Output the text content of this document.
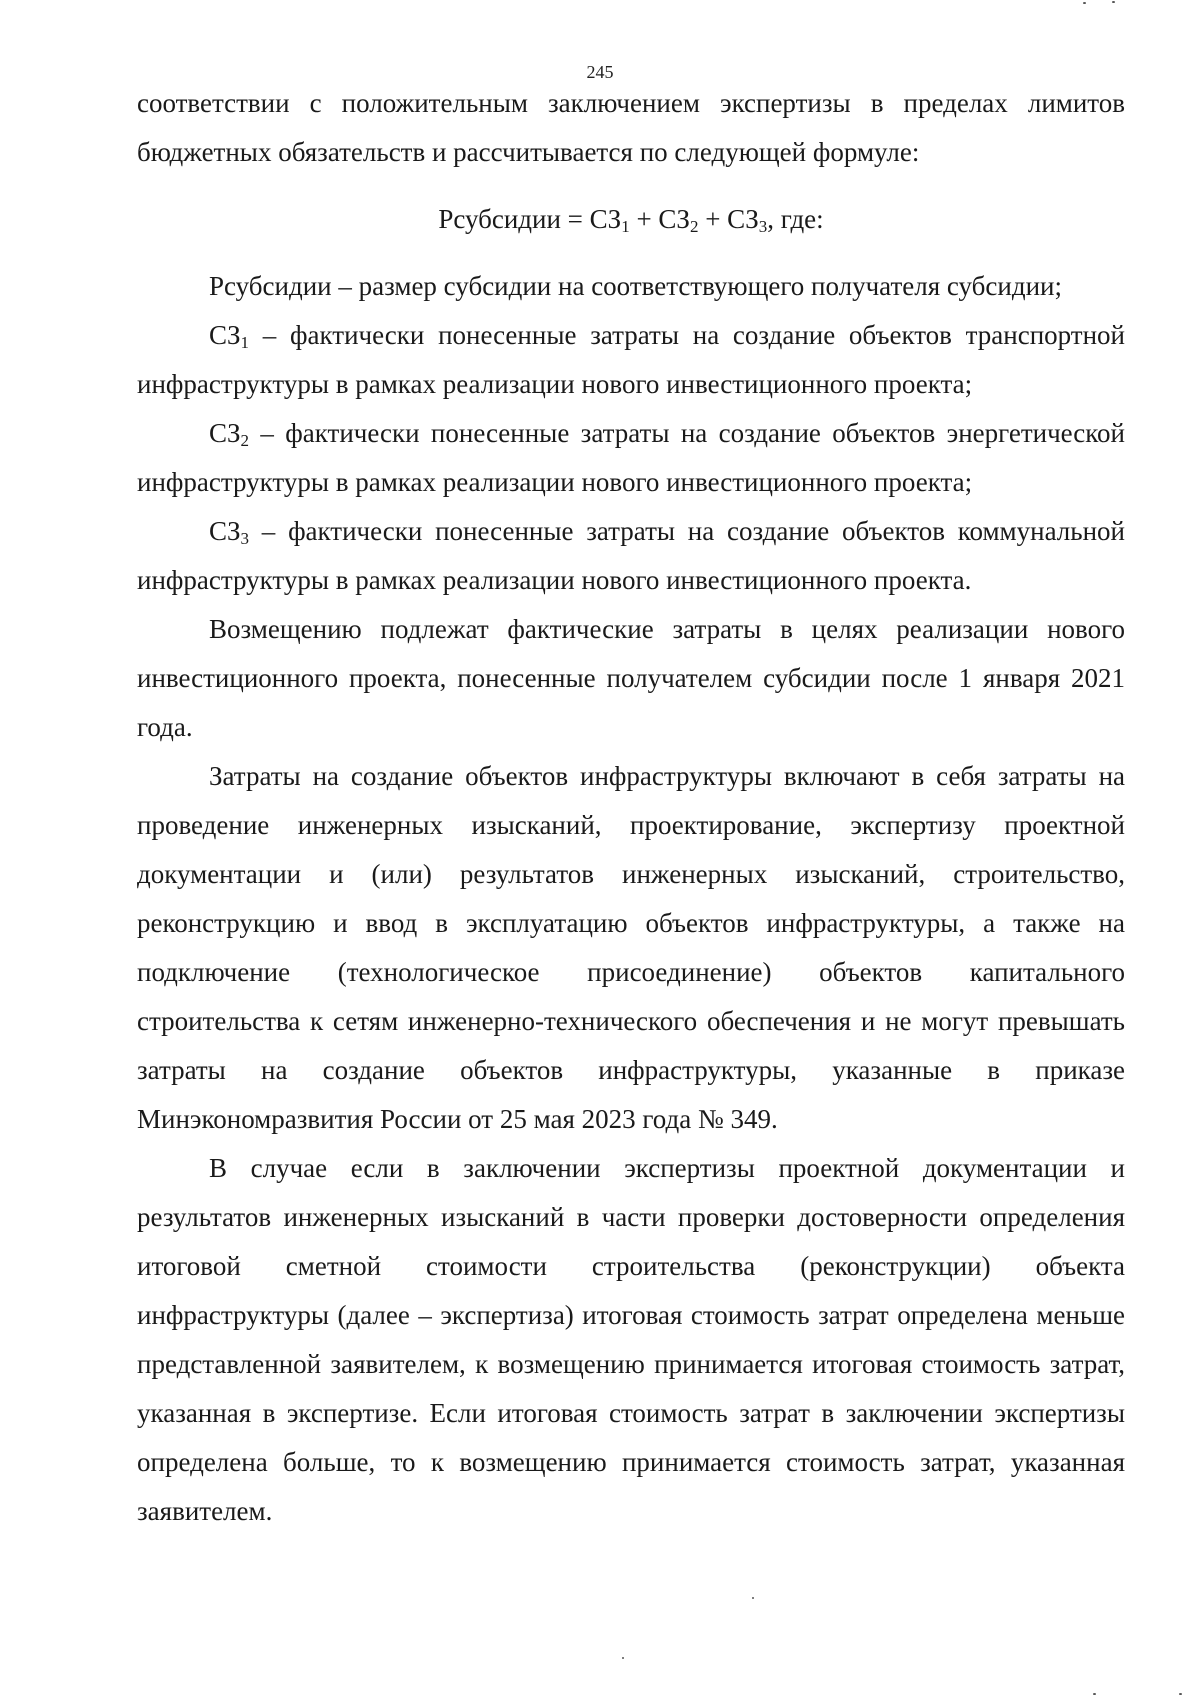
245

соответствии с положительным заключением экспертизы в пределах лимитов бюджетных обязательств и рассчитывается по следующей формуле:

Рсубсидии = $СЗ_1 + СЗ_2 + СЗ_3$, где:

Рсубсидии – размер субсидии на соответствующего получателя субсидии;

$СЗ_1$ – фактически понесенные затраты на создание объектов транспортной инфраструктуры в рамках реализации нового инвестиционного проекта;

$СЗ_2$ – фактически понесенные затраты на создание объектов энергетической инфраструктуры в рамках реализации нового инвестиционного проекта;

$СЗ_3$ – фактически понесенные затраты на создание объектов коммунальной инфраструктуры в рамках реализации нового инвестиционного проекта.

Возмещению подлежат фактические затраты в целях реализации нового инвестиционного проекта, понесенные получателем субсидии после 1 января 2021 года.

Затраты на создание объектов инфраструктуры включают в себя затраты на проведение инженерных изысканий, проектирование, экспертизу проектной документации и (или) результатов инженерных изысканий, строительство, реконструкцию и ввод в эксплуатацию объектов инфраструктуры, а также на подключение (технологическое присоединение) объектов капитального строительства к сетям инженерно-технического обеспечения и не могут превышать затраты на создание объектов инфраструктуры, указанные в приказе Минэкономразвития России от 25 мая 2023 года № 349.

В случае если в заключении экспертизы проектной документации и результатов инженерных изысканий в части проверки достоверности определения итоговой сметной стоимости строительства (реконструкции) объекта инфраструктуры (далее – экспертиза) итоговая стоимость затрат определена меньше представленной заявителем, к возмещению принимается итоговая стоимость затрат, указанная в экспертизе. Если итоговая стоимость затрат в заключении экспертизы определена больше, то к возмещению принимается стоимость затрат, указанная заявителем.
